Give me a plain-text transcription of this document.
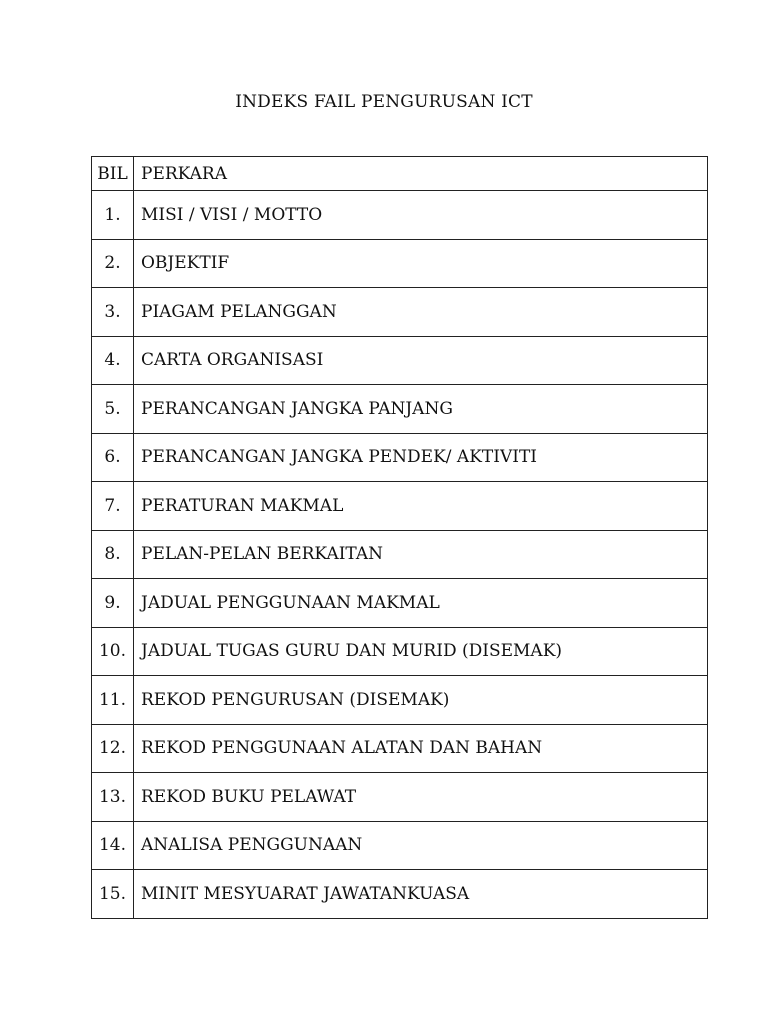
INDEKS FAIL PENGURUSAN ICT
BIL	PERKARA
1.	MISI / VISI / MOTTO
2.	OBJEKTIF
3.	PIAGAM PELANGGAN
4.	CARTA ORGANISASI
5.	PERANCANGAN JANGKA PANJANG
6.	PERANCANGAN JANGKA PENDEK/ AKTIVITI
7.	PERATURAN MAKMAL
8.	PELAN-PELAN BERKAITAN
9.	JADUAL PENGGUNAAN MAKMAL
10.	JADUAL TUGAS GURU DAN MURID (DISEMAK)
11.	REKOD PENGURUSAN (DISEMAK)
12.	REKOD PENGGUNAAN ALATAN DAN BAHAN
13.	REKOD BUKU PELAWAT
14.	ANALISA PENGGUNAAN
15.	MINIT MESYUARAT JAWATANKUASA
